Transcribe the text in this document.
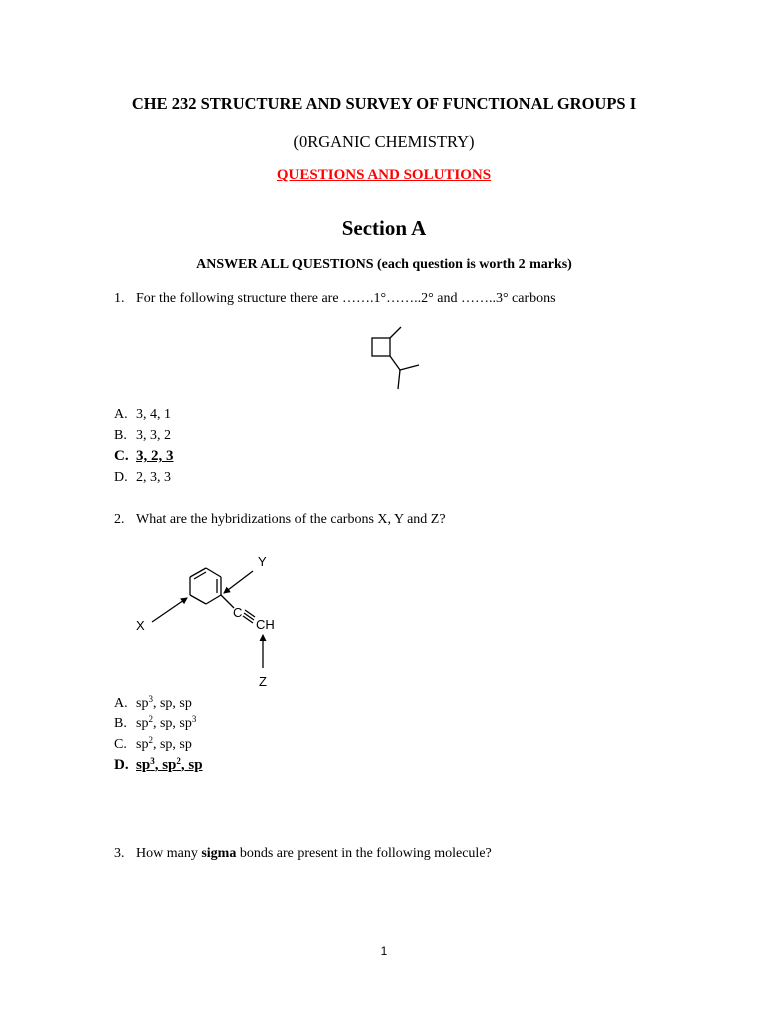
CHE 232 STRUCTURE AND SURVEY OF FUNCTIONAL GROUPS I
(0RGANIC CHEMISTRY)
QUESTIONS AND SOLUTIONS
Section A
ANSWER ALL QUESTIONS (each question is worth 2 marks)
1. For the following structure there are …….1°……..2° and ……..3° carbons
A. 3, 4, 1
B. 3, 3, 2
C. 3, 2, 3
D. 2, 3, 3
2. What are the hybridizations of the carbons X, Y and Z?
Y
X
C
CH
Z
A. $sp^3$, sp, sp
B. $sp^2$, sp, $sp^3$
C. $sp^2$, sp, sp
D. $sp^3$, $sp^2$, sp
3. How many sigma bonds are present in the following molecule?
1
